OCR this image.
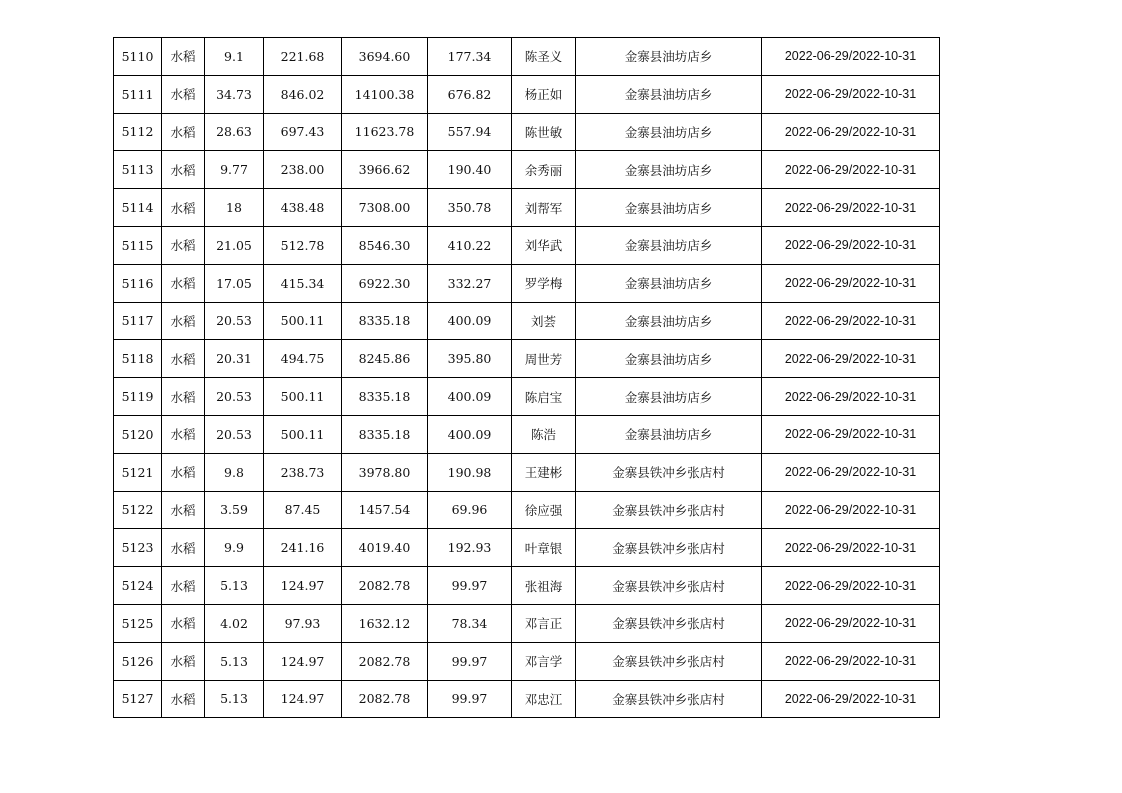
5110	水稻	9.1	221.68	3694.60	177.34	陈圣义	金寨县油坊店乡	2022-06-29/2022-10-31
5111	水稻	34.73	846.02	14100.38	676.82	杨正如	金寨县油坊店乡	2022-06-29/2022-10-31
5112	水稻	28.63	697.43	11623.78	557.94	陈世敏	金寨县油坊店乡	2022-06-29/2022-10-31
5113	水稻	9.77	238.00	3966.62	190.40	余秀丽	金寨县油坊店乡	2022-06-29/2022-10-31
5114	水稻	18	438.48	7308.00	350.78	刘帮军	金寨县油坊店乡	2022-06-29/2022-10-31
5115	水稻	21.05	512.78	8546.30	410.22	刘华武	金寨县油坊店乡	2022-06-29/2022-10-31
5116	水稻	17.05	415.34	6922.30	332.27	罗学梅	金寨县油坊店乡	2022-06-29/2022-10-31
5117	水稻	20.53	500.11	8335.18	400.09	刘荟	金寨县油坊店乡	2022-06-29/2022-10-31
5118	水稻	20.31	494.75	8245.86	395.80	周世芳	金寨县油坊店乡	2022-06-29/2022-10-31
5119	水稻	20.53	500.11	8335.18	400.09	陈启宝	金寨县油坊店乡	2022-06-29/2022-10-31
5120	水稻	20.53	500.11	8335.18	400.09	陈浩	金寨县油坊店乡	2022-06-29/2022-10-31
5121	水稻	9.8	238.73	3978.80	190.98	王建彬	金寨县铁冲乡张店村	2022-06-29/2022-10-31
5122	水稻	3.59	87.45	1457.54	69.96	徐应强	金寨县铁冲乡张店村	2022-06-29/2022-10-31
5123	水稻	9.9	241.16	4019.40	192.93	叶章银	金寨县铁冲乡张店村	2022-06-29/2022-10-31
5124	水稻	5.13	124.97	2082.78	99.97	张祖海	金寨县铁冲乡张店村	2022-06-29/2022-10-31
5125	水稻	4.02	97.93	1632.12	78.34	邓言正	金寨县铁冲乡张店村	2022-06-29/2022-10-31
5126	水稻	5.13	124.97	2082.78	99.97	邓言学	金寨县铁冲乡张店村	2022-06-29/2022-10-31
5127	水稻	5.13	124.97	2082.78	99.97	邓忠江	金寨县铁冲乡张店村	2022-06-29/2022-10-31
